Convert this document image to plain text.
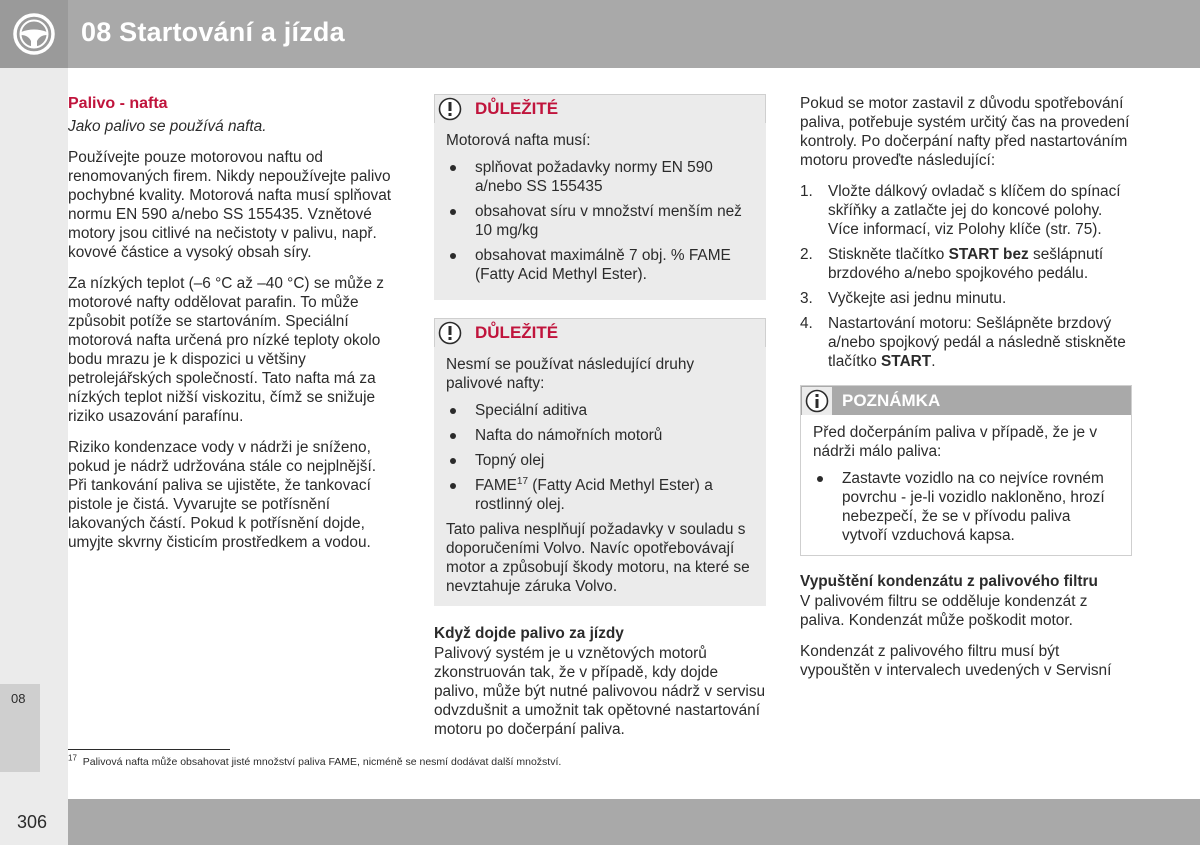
08 Startování a jízda
08
Palivo - nafta

Jako palivo se používá nafta.

Používejte pouze motorovou naftu od renomovaných firem. Nikdy nepoužívejte palivo pochybné kvality. Motorová nafta musí splňovat normu EN 590 a/nebo SS 155435. Vznětové motory jsou citlivé na nečistoty v palivu, např. kovové částice a vysoký obsah síry.

Za nízkých teplot (–6 °C až –40 °C) se může z motorové nafty oddělovat parafin. To může způsobit potíže se startováním. Speciální motorová nafta určená pro nízké teploty okolo bodu mrazu je k dispozici u většiny petrolejářských společností. Tato nafta má za nízkých teplot nižší viskozitu, čímž se snižuje riziko usazování parafínu.

Riziko kondenzace vody v nádrži je sníženo, pokud je nádrž udržována stále co nejplnější. Při tankování paliva se ujistěte, že tankovací pistole je čistá. Vyvarujte se potřísnění lakovaných částí. Pokud k potřísnění dojde, umyjte skvrny čisticím prostředkem a vodou.

DŮLEŽITÉ

Motorová nafta musí:

splňovat požadavky normy EN 590 a/nebo SS 155435
obsahovat síru v množství menším než 10 mg/kg
obsahovat maximálně 7 obj. % FAME (Fatty Acid Methyl Ester).
DŮLEŽITÉ

Nesmí se používat následující druhy palivové nafty:

Speciální aditiva
Nafta do námořních motorů
Topný olej
FAME$^{17}$ (Fatty Acid Methyl Ester) a rostlinný olej.

Tato paliva nesplňují požadavky v souladu s doporučeními Volvo. Navíc opotřebovávají motor a způsobují škody motoru, na které se nevztahuje záruka Volvo.

Když dojde palivo za jízdy

Palivový systém je u vznětových motorů zkonstruován tak, že v případě, kdy dojde palivo, může být nutné palivovou nádrž v servisu odvzdušnit a umožnit tak opětovné nastartování motoru po dočerpání paliva.

Pokud se motor zastavil z důvodu spotřebování paliva, potřebuje systém určitý čas na provedení kontroly. Po dočerpání nafty před nastartováním motoru proveďte následující:

1. Vložte dálkový ovladač s klíčem do spínací skříňky a zatlačte jej do koncové polohy. Více informací, viz Polohy klíče (str. 75).
2. Stiskněte tlačítko START bez sešlápnutí brzdového a/nebo spojkového pedálu.
3. Vyčkejte asi jednu minutu.
4. Nastartování motoru: Sešlápněte brzdový a/nebo spojkový pedál a následně stiskněte tlačítko START.
POZNÁMKA

Před dočerpáním paliva v případě, že je v nádrži málo paliva:

Zastavte vozidlo na co nejvíce rovném povrchu - je-li vozidlo nakloněno, hrozí nebezpečí, že se v přívodu paliva vytvoří vzduchová kapsa.
Vypuštění kondenzátu z palivového filtru

V palivovém filtru se odděluje kondenzát z paliva. Kondenzát může poškodit motor.

Kondenzát z palivového filtru musí být vypouštěn v intervalech uvedených v Servisní

$^{17}$ Palivová nafta může obsahovat jisté množství paliva FAME, nicméně se nesmí dodávat další množství.
306
